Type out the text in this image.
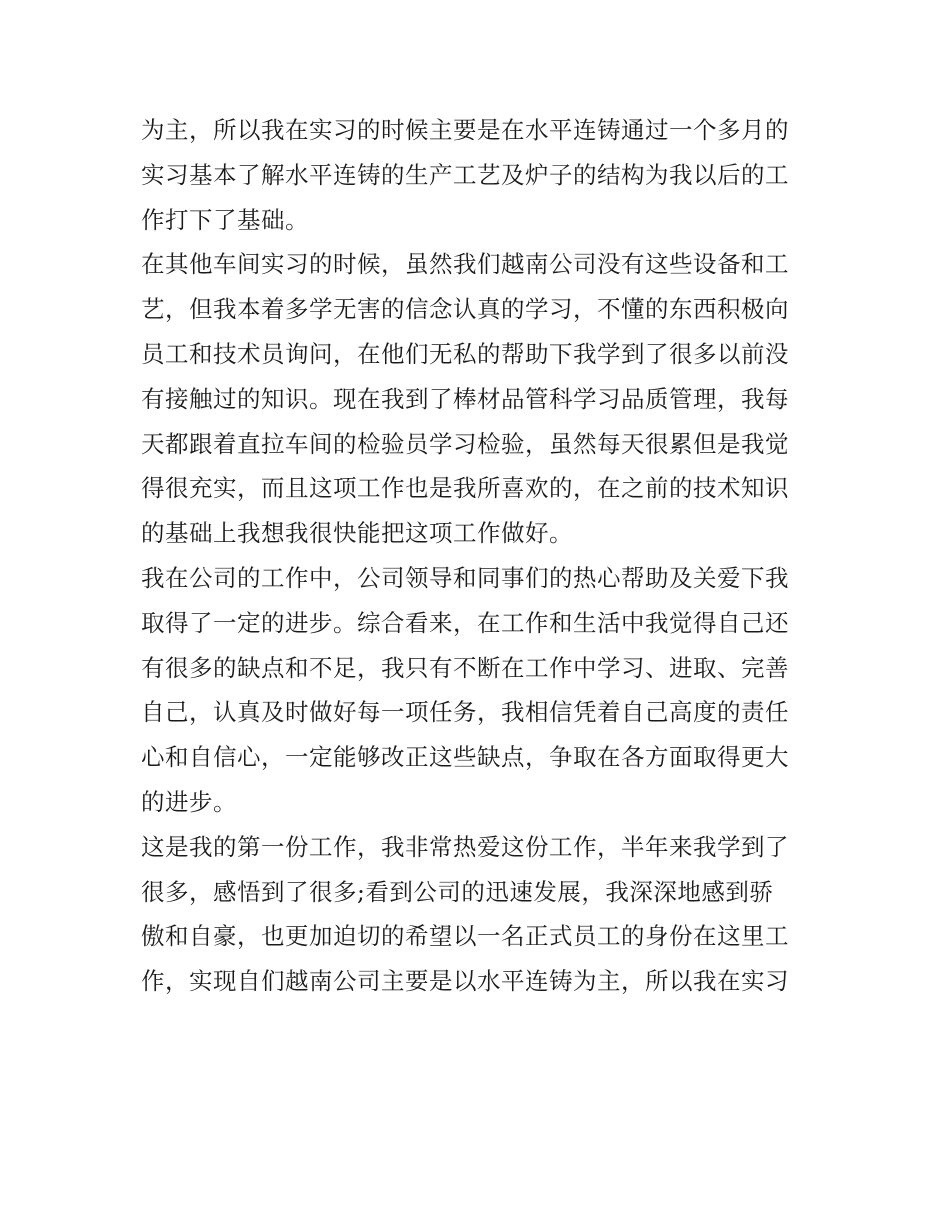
为主，所以我在实习的时候主要是在水平连铸通过一个多月的
实习基本了解水平连铸的生产工艺及炉子的结构为我以后的工
作打下了基础。
在其他车间实习的时候，虽然我们越南公司没有这些设备和工
艺，但我本着多学无害的信念认真的学习，不懂的东西积极向
员工和技术员询问，在他们无私的帮助下我学到了很多以前没
有接触过的知识。现在我到了棒材品管科学习品质管理，我每
天都跟着直拉车间的检验员学习检验，虽然每天很累但是我觉
得很充实，而且这项工作也是我所喜欢的，在之前的技术知识
的基础上我想我很快能把这项工作做好。
我在公司的工作中，公司领导和同事们的热心帮助及关爱下我
取得了一定的进步。综合看来，在工作和生活中我觉得自己还
有很多的缺点和不足，我只有不断在工作中学习、进取、完善
自己，认真及时做好每一项任务，我相信凭着自己高度的责任
心和自信心，一定能够改正这些缺点，争取在各方面取得更大
的进步。
这是我的第一份工作，我非常热爱这份工作，半年来我学到了
很多，感悟到了很多;看到公司的迅速发展，我深深地感到骄
傲和自豪，也更加迫切的希望以一名正式员工的身份在这里工
作，实现自们越南公司主要是以水平连铸为主，所以我在实习
